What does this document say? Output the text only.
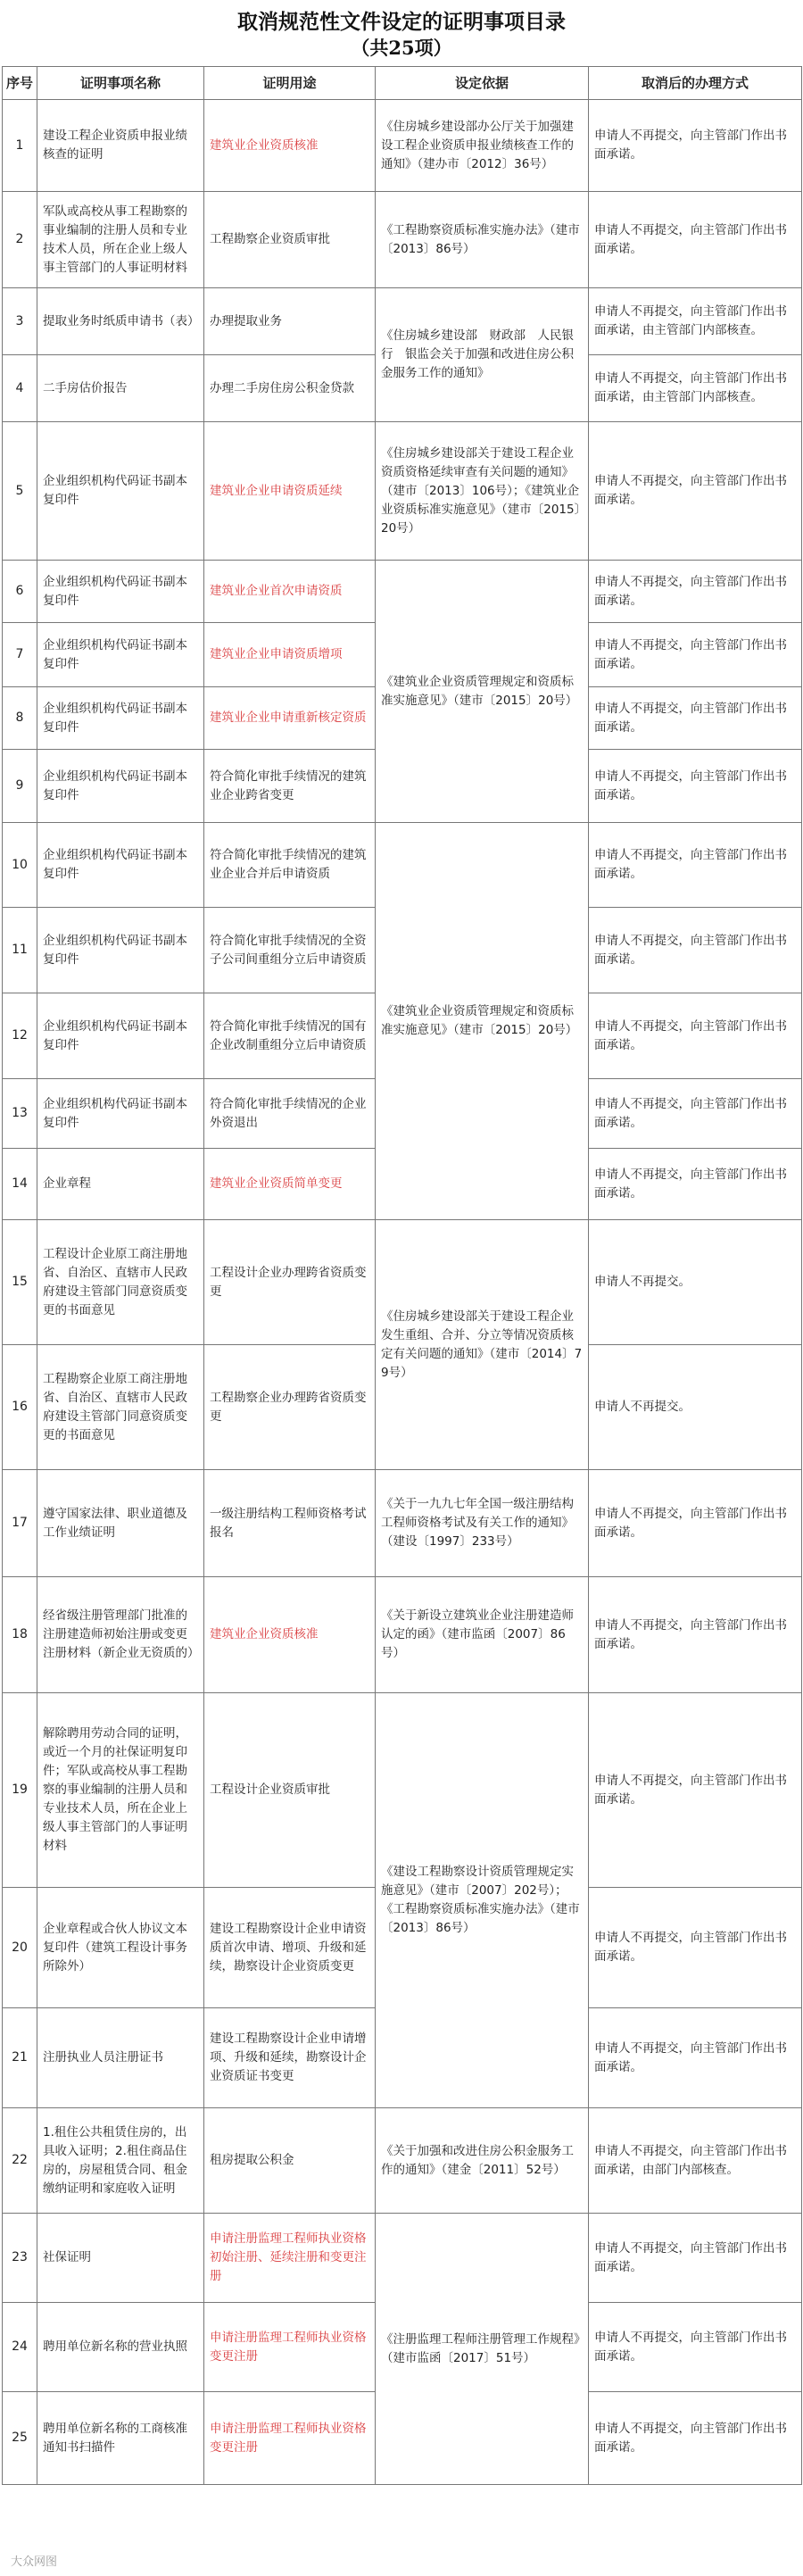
取消规范性文件设定的证明事项目录
（共25项）
序号	证明事项名称	证明用途	设定依据	取消后的办理方式
1	建设工程企业资质申报业绩核查的证明	建筑业企业资质核准	《住房城乡建设部办公厅关于加强建设工程企业资质申报业绩核查工作的通知》（建办市〔2012〕36号）	申请人不再提交，向主管部门作出书面承诺。
2	军队或高校从事工程勘察的事业编制的注册人员和专业技术人员，所在企业上级人事主管部门的人事证明材料	工程勘察企业资质审批	《工程勘察资质标准实施办法》（建市〔2013〕86号）	申请人不再提交，向主管部门作出书面承诺。
3	提取业务时纸质申请书（表）	办理提取业务	《住房城乡建设部　财政部　人民银行　银监会关于加强和改进住房公积金服务工作的通知》	申请人不再提交，向主管部门作出书面承诺，由主管部门内部核查。
4	二手房估价报告	办理二手房住房公积金贷款		申请人不再提交，向主管部门作出书面承诺，由主管部门内部核查。
5	企业组织机构代码证书副本复印件	建筑业企业申请资质延续	《住房城乡建设部关于建设工程企业资质资格延续审查有关问题的通知》（建市〔2013〕106号）；《建筑业企业资质标准实施意见》（建市〔2015〕20号）	申请人不再提交，向主管部门作出书面承诺。
6	企业组织机构代码证书副本复印件	建筑业企业首次申请资质	《建筑业企业资质管理规定和资质标准实施意见》（建市〔2015〕20号）	申请人不再提交，向主管部门作出书面承诺。
7	企业组织机构代码证书副本复印件	建筑业企业申请资质增项		申请人不再提交，向主管部门作出书面承诺。
8	企业组织机构代码证书副本复印件	建筑业企业申请重新核定资质		申请人不再提交，向主管部门作出书面承诺。
9	企业组织机构代码证书副本复印件	符合简化审批手续情况的建筑业企业跨省变更		申请人不再提交，向主管部门作出书面承诺。
10	企业组织机构代码证书副本复印件	符合简化审批手续情况的建筑业企业合并后申请资质	《建筑业企业资质管理规定和资质标准实施意见》（建市〔2015〕20号）	申请人不再提交，向主管部门作出书面承诺。
11	企业组织机构代码证书副本复印件	符合简化审批手续情况的全资子公司间重组分立后申请资质		申请人不再提交，向主管部门作出书面承诺。
12	企业组织机构代码证书副本复印件	符合简化审批手续情况的国有企业改制重组分立后申请资质		申请人不再提交，向主管部门作出书面承诺。
13	企业组织机构代码证书副本复印件	符合简化审批手续情况的企业外资退出		申请人不再提交，向主管部门作出书面承诺。
14	企业章程	建筑业企业资质简单变更		申请人不再提交，向主管部门作出书面承诺。
15	工程设计企业原工商注册地省、自治区、直辖市人民政府建设主管部门同意资质变更的书面意见	工程设计企业办理跨省资质变更	《住房城乡建设部关于建设工程企业发生重组、合并、分立等情况资质核定有关问题的通知》（建市〔2014〕79号）	申请人不再提交。
16	工程勘察企业原工商注册地省、自治区、直辖市人民政府建设主管部门同意资质变更的书面意见	工程勘察企业办理跨省资质变更		申请人不再提交。
17	遵守国家法律、职业道德及工作业绩证明	一级注册结构工程师资格考试报名	《关于一九九七年全国一级注册结构工程师资格考试及有关工作的通知》（建设〔1997〕233号）	申请人不再提交，向主管部门作出书面承诺。
18	经省级注册管理部门批准的注册建造师初始注册或变更注册材料（新企业无资质的）	建筑业企业资质核准	《关于新设立建筑业企业注册建造师认定的函》（建市监函〔2007〕86号）	申请人不再提交，向主管部门作出书面承诺。
19	解除聘用劳动合同的证明，或近一个月的社保证明复印件；军队或高校从事工程勘察的事业编制的注册人员和专业技术人员，所在企业上级人事主管部门的人事证明材料	工程设计企业资质审批	《建设工程勘察设计资质管理规定实施意见》（建市〔2007〕202号）；《工程勘察资质标准实施办法》（建市〔2013〕86号）	申请人不再提交，向主管部门作出书面承诺。
20	企业章程或合伙人协议文本复印件（建筑工程设计事务所除外）	建设工程勘察设计企业申请资质首次申请、增项、升级和延续，勘察设计企业资质变更		申请人不再提交，向主管部门作出书面承诺。
21	注册执业人员注册证书	建设工程勘察设计企业申请增项、升级和延续，勘察设计企业资质证书变更		申请人不再提交，向主管部门作出书面承诺。
22	1.租住公共租赁住房的，出具收入证明；2.租住商品住房的，房屋租赁合同、租金缴纳证明和家庭收入证明	租房提取公积金	《关于加强和改进住房公积金服务工作的通知》（建金〔2011〕52号）	申请人不再提交，向主管部门作出书面承诺，由部门内部核查。
23	社保证明	申请注册监理工程师执业资格初始注册、延续注册和变更注册	《注册监理工程师注册管理工作规程》（建市监函〔2017〕51号）	申请人不再提交，向主管部门作出书面承诺。
24	聘用单位新名称的营业执照	申请注册监理工程师执业资格变更注册		申请人不再提交，向主管部门作出书面承诺。
25	聘用单位新名称的工商核准通知书扫描件	申请注册监理工程师执业资格变更注册		申请人不再提交，向主管部门作出书面承诺。
大众网图
